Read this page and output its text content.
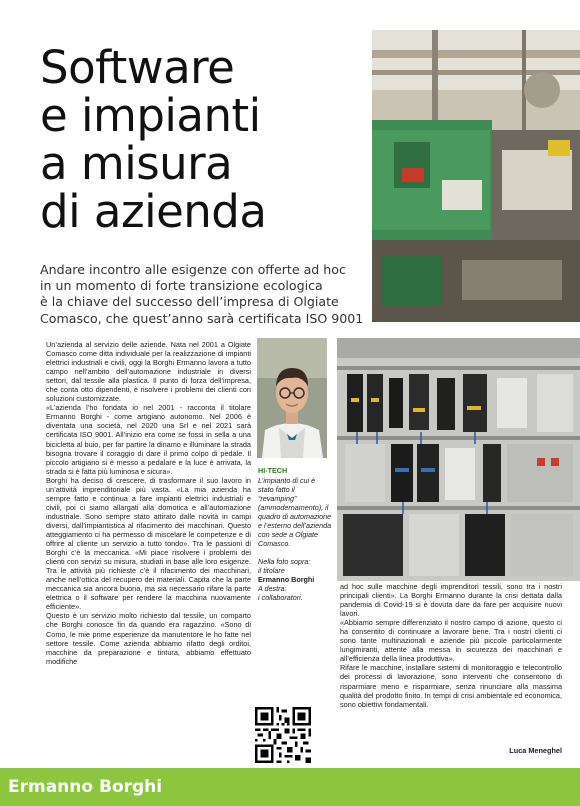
Software
e impianti
a misura
di azienda
Andare incontro alle esigenze con offerte ad hoc
in un momento di forte transizione ecologica
è la chiave del successo dell’impresa di Olgiate
Comasco, che quest’anno sarà certificata ISO 9001

Un’azienda al servizio delle aziende. Nata nel 2001 a Olgiate Comasco come ditta individuale per la realizzazione di impianti elettrici industriali e civili, oggi la Borghi Ermanno lavora a tutto campo nell’ambito dell’automazione industriale in diversi settori, dal tessile alla plastica. Il punto di forza dell’impresa, che conta otto dipendenti, è risolvere i problemi dei clienti con soluzioni customizzate.

«L’azienda l’ho fondata io nel 2001 - racconta il titolare Ermanno Borghi - come artigiano autonomo. Nel 2006 è diventata una società, nel 2020 una Srl e nel 2021 sarà certificata ISO 9001. All’inizio era come se fossi in sella a una bicicletta al buio, per far partire la dinamo e illuminare la strada bisogna trovare il coraggio di dare il primo colpo di pedale. Il piccolo artigiano si è messo a pedalare e la luce è arrivata, la strada si è fatta più luminosa e sicura».

Borghi ha deciso di crescere, di trasformare il suo lavoro in un’attività imprenditoriale più vasta. «La mia azienda ha sempre fatto e continua a fare impianti elettrici industriali e civili, poi ci siamo allargati alla domotica e all’automazione industriale. Sono sempre stato attirato dalle novità in campi diversi, dall’impiantistica al rifacimento dei macchinari. Questo atteggiamento ci ha permesso di miscelare le competenze e di offrire al cliente un servizio a tutto tondo». Tra le passioni di Borghi c’è la meccanica. «Mi piace risolvere i problemi dei clienti con servizi su misura, studiati in base alle loro esigenze. Tra le attività più richieste c’è il rifacimento dei macchinari, anche nell’ottica del recupero dei materiali. Capita che la parte meccanica sia ancora buona, ma sia necessario rifare la parte elettrica o il software per rendere la macchina nuovamente efficiente».

Questo è un servizio molto richiesto dal tessile, un comparto che Borghi conosce fin da quando era ragazzino. «Sono di Como, le mie prime esperienze da manutentore le ho fatte nel settore tessile. Come azienda abbiamo rifatto degli orditoi, macchine da preparazione e tintura, abbiamo effettuato modifiche

HI-TECH
L’impianto di cui è stato fatto il “revamping” (ammodernamento), il quadro di automazione e l’esterno dell’azienda con sede a Olgiate Comasco.
Nella foto sopra:
il titolare
Ermanno Borghi
A destra:
i collaboratori.

ad hoc sulle macchine degli imprenditori tessili, sono tra i nostri principali clienti». La Borghi Ermanno durante la crisi dettata dalla pandemia di Covid-19 si è dovuta dare da fare per acquisire nuovi lavori.

«Abbiamo sempre differenziato il nostro campo di azione, questo ci ha consentito di continuare a lavorare bene. Tra i nostri clienti ci sono tante multinazionali e aziende più piccole particolarmente lungimiranti, attente alla messa in sicurezza dei macchinari e all’efficienza della linea produttiva».

Rifare le macchine, installare sistemi di monitoraggio e telecontrollo dei processi di lavorazione, sono interventi che consentono di risparmiare meno e risparmiare, senza rinunciare alla massima qualità del prodotto finito. In tempi di crisi ambientale ed economica, sono obiettivi fondamentali.

Luca Meneghel
Ermanno Borghi
